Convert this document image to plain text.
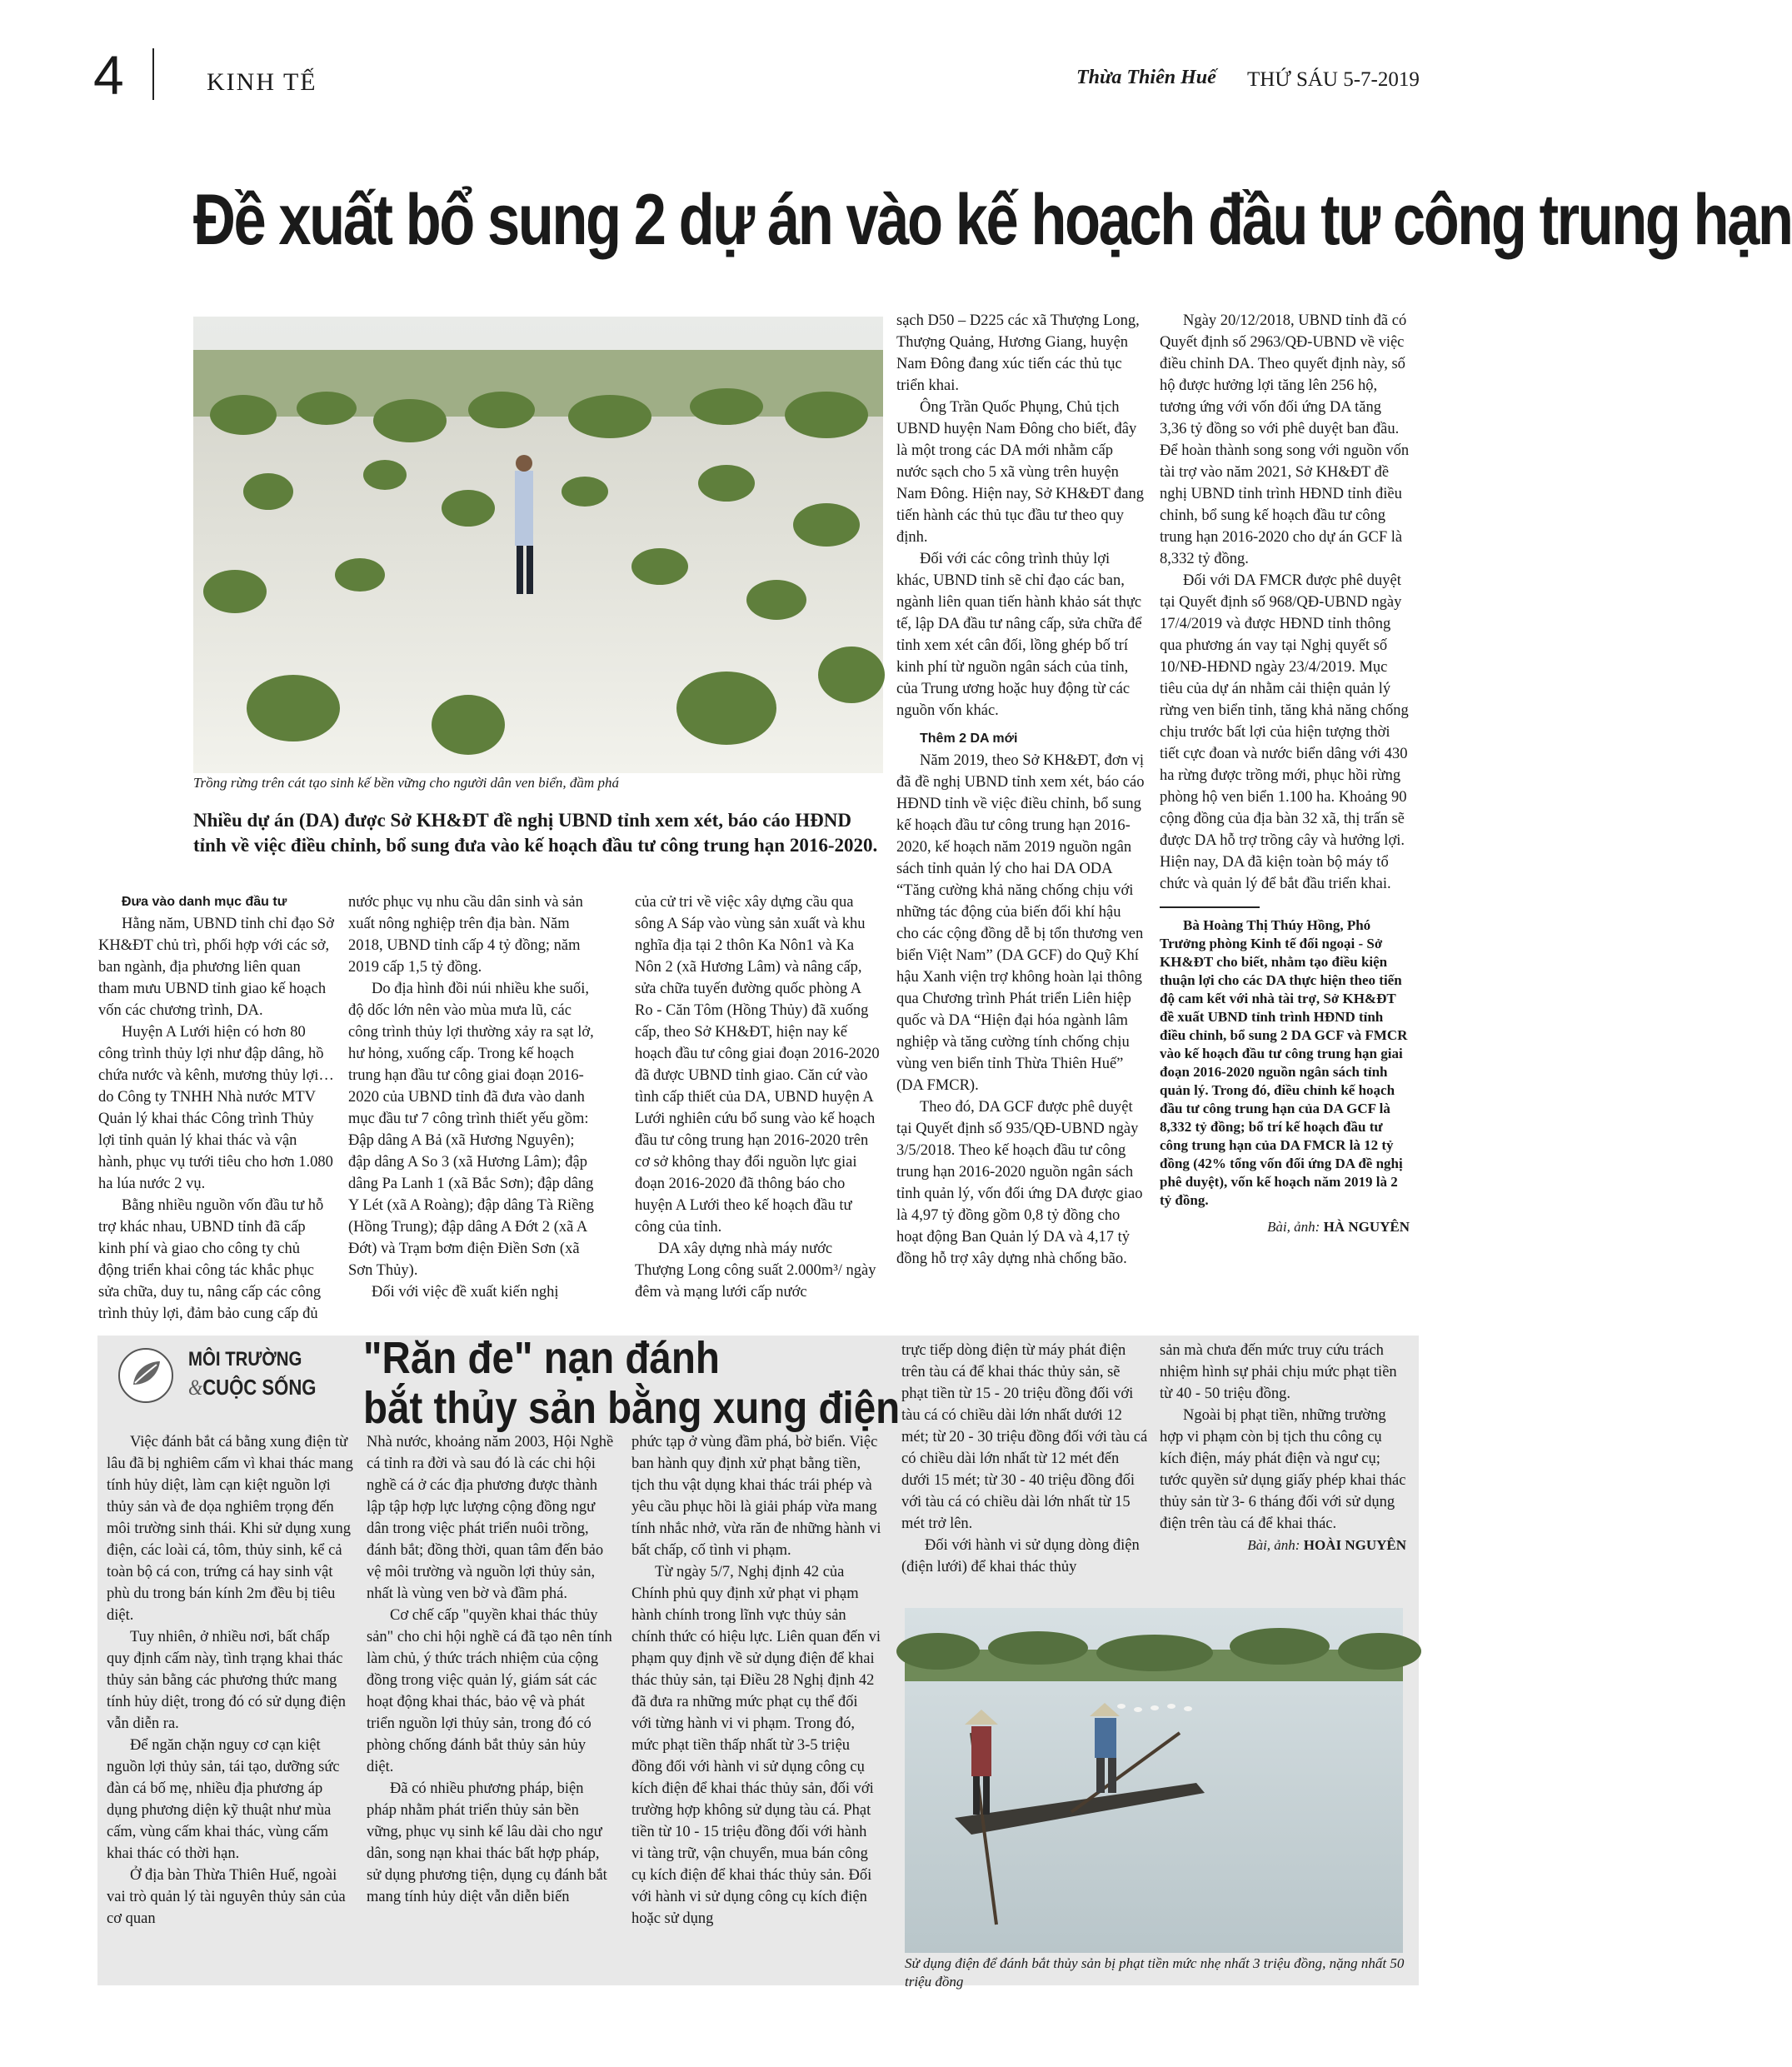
4	KINH TẾ	Thừa Thiên Huế THỨ SÁU 5-7-2019
Đề xuất bổ sung 2 dự án vào kế hoạch đầu tư công trung hạn
Trồng rừng trên cát tạo sinh kế bền vững cho người dân ven biển, đầm phá
Nhiều dự án (DA) được Sở KH&ĐT đề nghị UBND tỉnh xem xét, báo cáo HĐND tỉnh về việc điều chỉnh, bổ sung đưa vào kế hoạch đầu tư công trung hạn 2016-2020.

Đưa vào danh mục đầu tư

Hằng năm, UBND tỉnh chỉ đạo Sở KH&ĐT chủ trì, phối hợp với các sở, ban ngành, địa phương liên quan tham mưu UBND tỉnh giao kế hoạch vốn các chương trình, DA.

Huyện A Lưới hiện có hơn 80 công trình thủy lợi như đập dâng, hồ chứa nước và kênh, mương thủy lợi… do Công ty TNHH Nhà nước MTV Quản lý khai thác Công trình Thủy lợi tỉnh quản lý khai thác và vận hành, phục vụ tưới tiêu cho hơn 1.080 ha lúa nước 2 vụ.

Bằng nhiều nguồn vốn đầu tư hỗ trợ khác nhau, UBND tỉnh đã cấp kinh phí và giao cho công ty chủ động triển khai công tác khắc phục sửa chữa, duy tu, nâng cấp các công trình thủy lợi, đảm bảo cung cấp đủ

nước phục vụ nhu cầu dân sinh và sản xuất nông nghiệp trên địa bàn. Năm 2018, UBND tỉnh cấp 4 tỷ đồng; năm 2019 cấp 1,5 tỷ đồng.

Do địa hình đồi núi nhiều khe suối, độ dốc lớn nên vào mùa mưa lũ, các công trình thủy lợi thường xảy ra sạt lở, hư hỏng, xuống cấp. Trong kế hoạch trung hạn đầu tư công giai đoạn 2016-2020 của UBND tỉnh đã đưa vào danh mục đầu tư 7 công trình thiết yếu gồm: Đập dâng A Bả (xã Hương Nguyên); đập dâng A So 3 (xã Hương Lâm); đập dâng Pa Lanh 1 (xã Bắc Sơn); đập dâng Y Lét (xã A Roàng); đập dâng Tà Riềng (Hồng Trung); đập dâng A Đớt 2 (xã A Đớt) và Trạm bơm điện Điền Sơn (xã Sơn Thủy).

Đối với việc đề xuất kiến nghị

của cử tri về việc xây dựng cầu qua sông A Sáp vào vùng sản xuất và khu nghĩa địa tại 2 thôn Ka Nôn1 và Ka Nôn 2 (xã Hương Lâm) và nâng cấp, sửa chữa tuyến đường quốc phòng A Ro - Căn Tôm (Hồng Thủy) đã xuống cấp, theo Sở KH&ĐT, hiện nay kế hoạch đầu tư công giai đoạn 2016-2020 đã được UBND tỉnh giao. Căn cứ vào tình cấp thiết của DA, UBND huyện A Lưới nghiên cứu bổ sung vào kế hoạch đầu tư công trung hạn 2016-2020 trên cơ sở không thay đổi nguồn lực giai đoạn 2016-2020 đã thông báo cho huyện A Lưới theo kế hoạch đầu tư công của tỉnh.

DA xây dựng nhà máy nước Thượng Long công suất 2.000m³/ ngày đêm và mạng lưới cấp nước

sạch D50 – D225 các xã Thượng Long, Thượng Quảng, Hương Giang, huyện Nam Đông đang xúc tiến các thủ tục triển khai.

Ông Trần Quốc Phụng, Chủ tịch UBND huyện Nam Đông cho biết, đây là một trong các DA mới nhằm cấp nước sạch cho 5 xã vùng trên huyện Nam Đông. Hiện nay, Sở KH&ĐT đang tiến hành các thủ tục đầu tư theo quy định.

Đối với các công trình thủy lợi khác, UBND tỉnh sẽ chỉ đạo các ban, ngành liên quan tiến hành khảo sát thực tế, lập DA đầu tư nâng cấp, sửa chữa để tỉnh xem xét cân đối, lồng ghép bố trí kinh phí từ nguồn ngân sách của tỉnh, của Trung ương hoặc huy động từ các nguồn vốn khác.

Thêm 2 DA mới

Năm 2019, theo Sở KH&ĐT, đơn vị đã đề nghị UBND tỉnh xem xét, báo cáo HĐND tỉnh về việc điều chỉnh, bổ sung kế hoạch đầu tư công trung hạn 2016-2020, kế hoạch năm 2019 nguồn ngân sách tỉnh quản lý cho hai DA ODA “Tăng cường khả năng chống chịu với những tác động của biến đổi khí hậu cho các cộng đồng dễ bị tổn thương ven biển Việt Nam” (DA GCF) do Quỹ Khí hậu Xanh viện trợ không hoàn lại thông qua Chương trình Phát triển Liên hiệp quốc và DA “Hiện đại hóa ngành lâm nghiệp và tăng cường tính chống chịu vùng ven biển tỉnh Thừa Thiên Huế” (DA FMCR).

Theo đó, DA GCF được phê duyệt tại Quyết định số 935/QĐ-UBND ngày 3/5/2018. Theo kế hoạch đầu tư công trung hạn 2016-2020 nguồn ngân sách tỉnh quản lý, vốn đối ứng DA được giao là 4,97 tỷ đồng gồm 0,8 tỷ đồng cho hoạt động Ban Quản lý DA và 4,17 tỷ đồng hỗ trợ xây dựng nhà chống bão.

Ngày 20/12/2018, UBND tỉnh đã có Quyết định số 2963/QĐ-UBND về việc điều chỉnh DA. Theo quyết định này, số hộ được hưởng lợi tăng lên 256 hộ, tương ứng với vốn đối ứng DA tăng 3,36 tỷ đồng so với phê duyệt ban đầu. Để hoàn thành song song với nguồn vốn tài trợ vào năm 2021, Sở KH&ĐT đề nghị UBND tỉnh trình HĐND tỉnh điều chỉnh, bổ sung kế hoạch đầu tư công trung hạn 2016-2020 cho dự án GCF là 8,332 tỷ đồng.

Đối với DA FMCR được phê duyệt tại Quyết định số 968/QĐ-UBND ngày 17/4/2019 và được HĐND tỉnh thông qua phương án vay tại Nghị quyết số 10/NĐ-HĐND ngày 23/4/2019. Mục tiêu của dự án nhằm cải thiện quản lý rừng ven biển tỉnh, tăng khả năng chống chịu trước bất lợi của hiện tượng thời tiết cực đoan và nước biển dâng với 430 ha rừng được trồng mới, phục hồi rừng phòng hộ ven biển 1.100 ha. Khoảng 90 cộng đồng của địa bàn 32 xã, thị trấn sẽ được DA hỗ trợ trồng cây và hưởng lợi. Hiện nay, DA đã kiện toàn bộ máy tổ chức và quản lý để bắt đầu triển khai.

Bà Hoàng Thị Thúy Hồng, Phó Trưởng phòng Kinh tế đối ngoại - Sở KH&ĐT cho biết, nhằm tạo điều kiện thuận lợi cho các DA thực hiện theo tiến độ cam kết với nhà tài trợ, Sở KH&ĐT đề xuất UBND tỉnh trình HĐND tỉnh điều chỉnh, bổ sung 2 DA GCF và FMCR vào kế hoạch đầu tư công trung hạn giai đoạn 2016-2020 nguồn ngân sách tỉnh quản lý. Trong đó, điều chỉnh kế hoạch đầu tư công trung hạn của DA GCF là 8,332 tỷ đồng; bổ trí kế hoạch đầu tư công trung hạn của DA FMCR là 12 tỷ đồng (42% tổng vốn đối ứng DA đề nghị phê duyệt), vốn kế hoạch năm 2019 là 2 tỷ đồng.

Bài, ảnh: HÀ NGUYÊN
MÔI TRƯỜNG
&CUỘC SỐNG
"Răn đe" nạn đánh
bắt thủy sản bằng xung điện

Việc đánh bắt cá bằng xung điện từ lâu đã bị nghiêm cấm vì khai thác mang tính hủy diệt, làm cạn kiệt nguồn lợi thủy sản và đe dọa nghiêm trọng đến môi trường sinh thái. Khi sử dụng xung điện, các loài cá, tôm, thủy sinh, kể cả toàn bộ cá con, trứng cá hay sinh vật phù du trong bán kính 2m đều bị tiêu diệt.

Tuy nhiên, ở nhiều nơi, bất chấp quy định cấm này, tình trạng khai thác thủy sản bằng các phương thức mang tính hủy diệt, trong đó có sử dụng điện vẫn diễn ra.

Để ngăn chặn nguy cơ cạn kiệt nguồn lợi thủy sản, tái tạo, dưỡng sức đàn cá bố mẹ, nhiều địa phương áp dụng phương diện kỹ thuật như mùa cấm, vùng cấm khai thác, vùng cấm khai thác có thời hạn.

Ở địa bàn Thừa Thiên Huế, ngoài vai trò quản lý tài nguyên thủy sản của cơ quan

Nhà nước, khoảng năm 2003, Hội Nghề cá tỉnh ra đời và sau đó là các chi hội nghề cá ở các địa phương được thành lập tập hợp lực lượng cộng đồng ngư dân trong việc phát triển nuôi trồng, đánh bắt; đồng thời, quan tâm đến bảo vệ môi trường và nguồn lợi thủy sản, nhất là vùng ven bờ và đầm phá.

Cơ chế cấp "quyền khai thác thủy sản" cho chi hội nghề cá đã tạo nên tính làm chủ, ý thức trách nhiệm của cộng đồng trong việc quản lý, giám sát các hoạt động khai thác, bảo vệ và phát triển nguồn lợi thủy sản, trong đó có phòng chống đánh bắt thủy sản hủy diệt.

Đã có nhiều phương pháp, biện pháp nhằm phát triển thủy sản bền vững, phục vụ sinh kế lâu dài cho ngư dân, song nạn khai thác bất hợp pháp, sử dụng phương tiện, dụng cụ đánh bắt mang tính hủy diệt vẫn diễn biến

phức tạp ở vùng đầm phá, bờ biển. Việc ban hành quy định xử phạt bằng tiền, tịch thu vật dụng khai thác trái phép và yêu cầu phục hồi là giải pháp vừa mang tính nhắc nhở, vừa răn đe những hành vi bất chấp, cố tình vi phạm.

Từ ngày 5/7, Nghị định 42 của Chính phủ quy định xử phạt vi phạm hành chính trong lĩnh vực thủy sản chính thức có hiệu lực. Liên quan đến vi phạm quy định về sử dụng điện để khai thác thủy sản, tại Điều 28 Nghị định 42 đã đưa ra những mức phạt cụ thể đối với từng hành vi vi phạm. Trong đó, mức phạt tiền thấp nhất từ 3-5 triệu đồng đối với hành vi sử dụng công cụ kích điện để khai thác thủy sản, đối với trường hợp không sử dụng tàu cá. Phạt tiền từ 10 - 15 triệu đồng đối với hành vi tàng trữ, vận chuyển, mua bán công cụ kích điện để khai thác thủy sản. Đối với hành vi sử dụng công cụ kích điện hoặc sử dụng

trực tiếp dòng điện từ máy phát điện trên tàu cá để khai thác thủy sản, sẽ phạt tiền từ 15 - 20 triệu đồng đối với tàu cá có chiều dài lớn nhất dưới 12 mét; từ 20 - 30 triệu đồng đối với tàu cá có chiều dài lớn nhất từ 12 mét đến dưới 15 mét; từ 30 - 40 triệu đồng đối với tàu cá có chiều dài lớn nhất từ 15 mét trở lên.

Đối với hành vi sử dụng dòng điện (điện lưới) để khai thác thủy

sản mà chưa đến mức truy cứu trách nhiệm hình sự phải chịu mức phạt tiền từ 40 - 50 triệu đồng.

Ngoài bị phạt tiền, những trường hợp vi phạm còn bị tịch thu công cụ kích điện, máy phát điện và ngư cụ; tước quyền sử dụng giấy phép khai thác thủy sản từ 3- 6 tháng đối với sử dụng điện trên tàu cá để khai thác.

Bài, ảnh: HOÀI NGUYÊN
Sử dụng điện để đánh bắt thủy sản bị phạt tiền mức nhẹ nhất 3 triệu đồng, nặng nhất 50 triệu đồng
